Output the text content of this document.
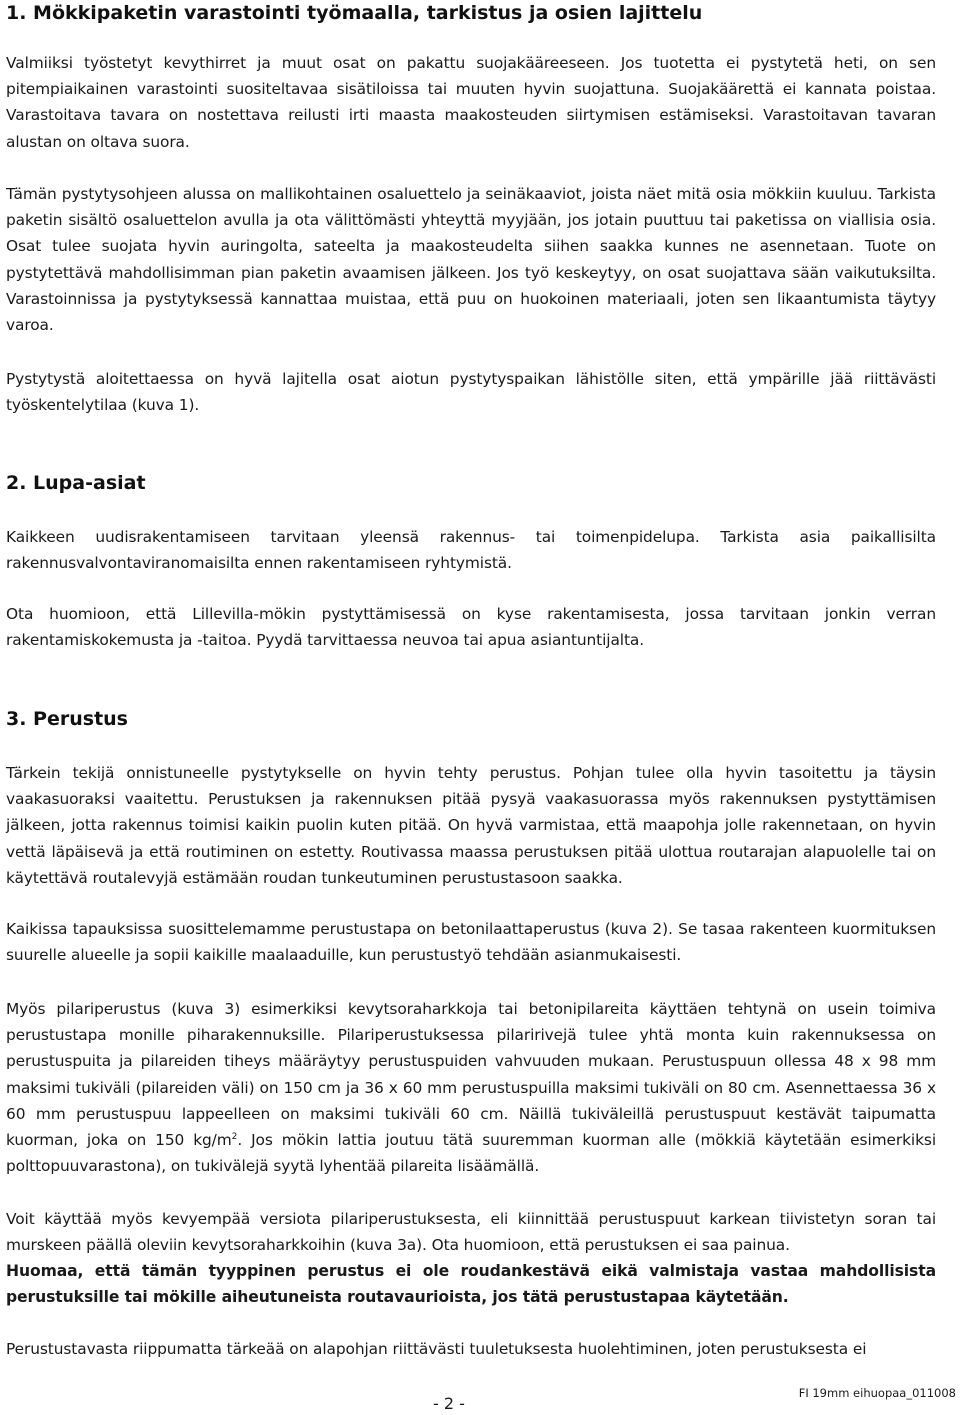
1. Mökkipaketin varastointi työmaalla, tarkistus ja osien lajittelu

Valmiiksi työstetyt kevythirret ja muut osat on pakattu suojakääreeseen. Jos tuotetta ei pystytetä heti, on sen pitempiaikainen varastointi suositeltavaa sisätiloissa tai muuten hyvin suojattuna. Suojakäärettä ei kannata poistaa. Varastoitava tavara on nostettava reilusti irti maasta maakosteuden siirtymisen estämiseksi. Varastoitavan tavaran alustan on oltava suora.

Tämän pystytysohjeen alussa on mallikohtainen osaluettelo ja seinäkaaviot, joista näet mitä osia mökkiin kuuluu. Tarkista paketin sisältö osaluettelon avulla ja ota välittömästi yhteyttä myyjään, jos jotain puuttuu tai paketissa on viallisia osia. Osat tulee suojata hyvin auringolta, sateelta ja maakosteudelta siihen saakka kunnes ne asennetaan. Tuote on pystytettävä mahdollisimman pian paketin avaamisen jälkeen. Jos työ keskeytyy, on osat suojattava sään vaikutuksilta. Varastoinnissa ja pystytyksessä kannattaa muistaa, että puu on huokoinen materiaali, joten sen likaantumista täytyy varoa.

Pystytystä aloitettaessa on hyvä lajitella osat aiotun pystytyspaikan lähistölle siten, että ympärille jää riittävästi työskentelytilaa (kuva 1).

2. Lupa-asiat

Kaikkeen uudisrakentamiseen tarvitaan yleensä rakennus- tai toimenpidelupa. Tarkista asia paikallisilta rakennusvalvontaviranomaisilta ennen rakentamiseen ryhtymistä.

Ota huomioon, että Lillevilla-mökin pystyttämisessä on kyse rakentamisesta, jossa tarvitaan jonkin verran rakentamiskokemusta ja -taitoa. Pyydä tarvittaessa neuvoa tai apua asiantuntijalta.

3. Perustus

Tärkein tekijä onnistuneelle pystytykselle on hyvin tehty perustus. Pohjan tulee olla hyvin tasoitettu ja täysin vaakasuoraksi vaaitettu. Perustuksen ja rakennuksen pitää pysyä vaakasuorassa myös rakennuksen pystyttämisen jälkeen, jotta rakennus toimisi kaikin puolin kuten pitää. On hyvä varmistaa, että maapohja jolle rakennetaan, on hyvin vettä läpäisevä ja että routiminen on estetty. Routivassa maassa perustuksen pitää ulottua routarajan alapuolelle tai on käytettävä routalevyjä estämään roudan tunkeutuminen perustustasoon saakka.

Kaikissa tapauksissa suosittelemamme perustustapa on betonilaattaperustus (kuva 2). Se tasaa rakenteen kuormituksen suurelle alueelle ja sopii kaikille maalaaduille, kun perustustyö tehdään asianmukaisesti.

Myös pilariperustus (kuva 3) esimerkiksi kevytsoraharkkoja tai betonipilareita käyttäen tehtynä on usein toimiva perustustapa monille piharakennuksille. Pilariperustuksessa pilaririvejä tulee yhtä monta kuin rakennuksessa on perustuspuita ja pilareiden tiheys määräytyy perustuspuiden vahvuuden mukaan. Perustuspuun ollessa 48 x 98 mm maksimi tukiväli (pilareiden väli) on 150 cm ja 36 x 60 mm perustuspuilla maksimi tukiväli on 80 cm. Asennettaessa 36 x 60 mm perustuspuu lappeelleen on maksimi tukiväli 60 cm. Näillä tukiväleillä perustuspuut kestävät taipumatta kuorman, joka on 150 $kg/m^2$. Jos mökin lattia joutuu tätä suuremman kuorman alle (mökkiä käytetään esimerkiksi polttopuuvarastona), on tukivälejä syytä lyhentää pilareita lisäämällä.

Voit käyttää myös kevyempää versiota pilariperustuksesta, eli kiinnittää perustuspuut karkean tiivistetyn soran tai murskeen päällä oleviin kevytsoraharkkoihin (kuva 3a). Ota huomioon, että perustuksen ei saa painua.

Huomaa, että tämän tyyppinen perustus ei ole roudankestävä eikä valmistaja vastaa mahdollisista perustuksille tai mökille aiheutuneista routavaurioista, jos tätä perustustapaa käytetään.

Perustustavasta riippumatta tärkeää on alapohjan riittävästi tuuletuksesta huolehtiminen, joten perustuksesta ei

- 2 -
FI 19mm eihuopaa_011008
